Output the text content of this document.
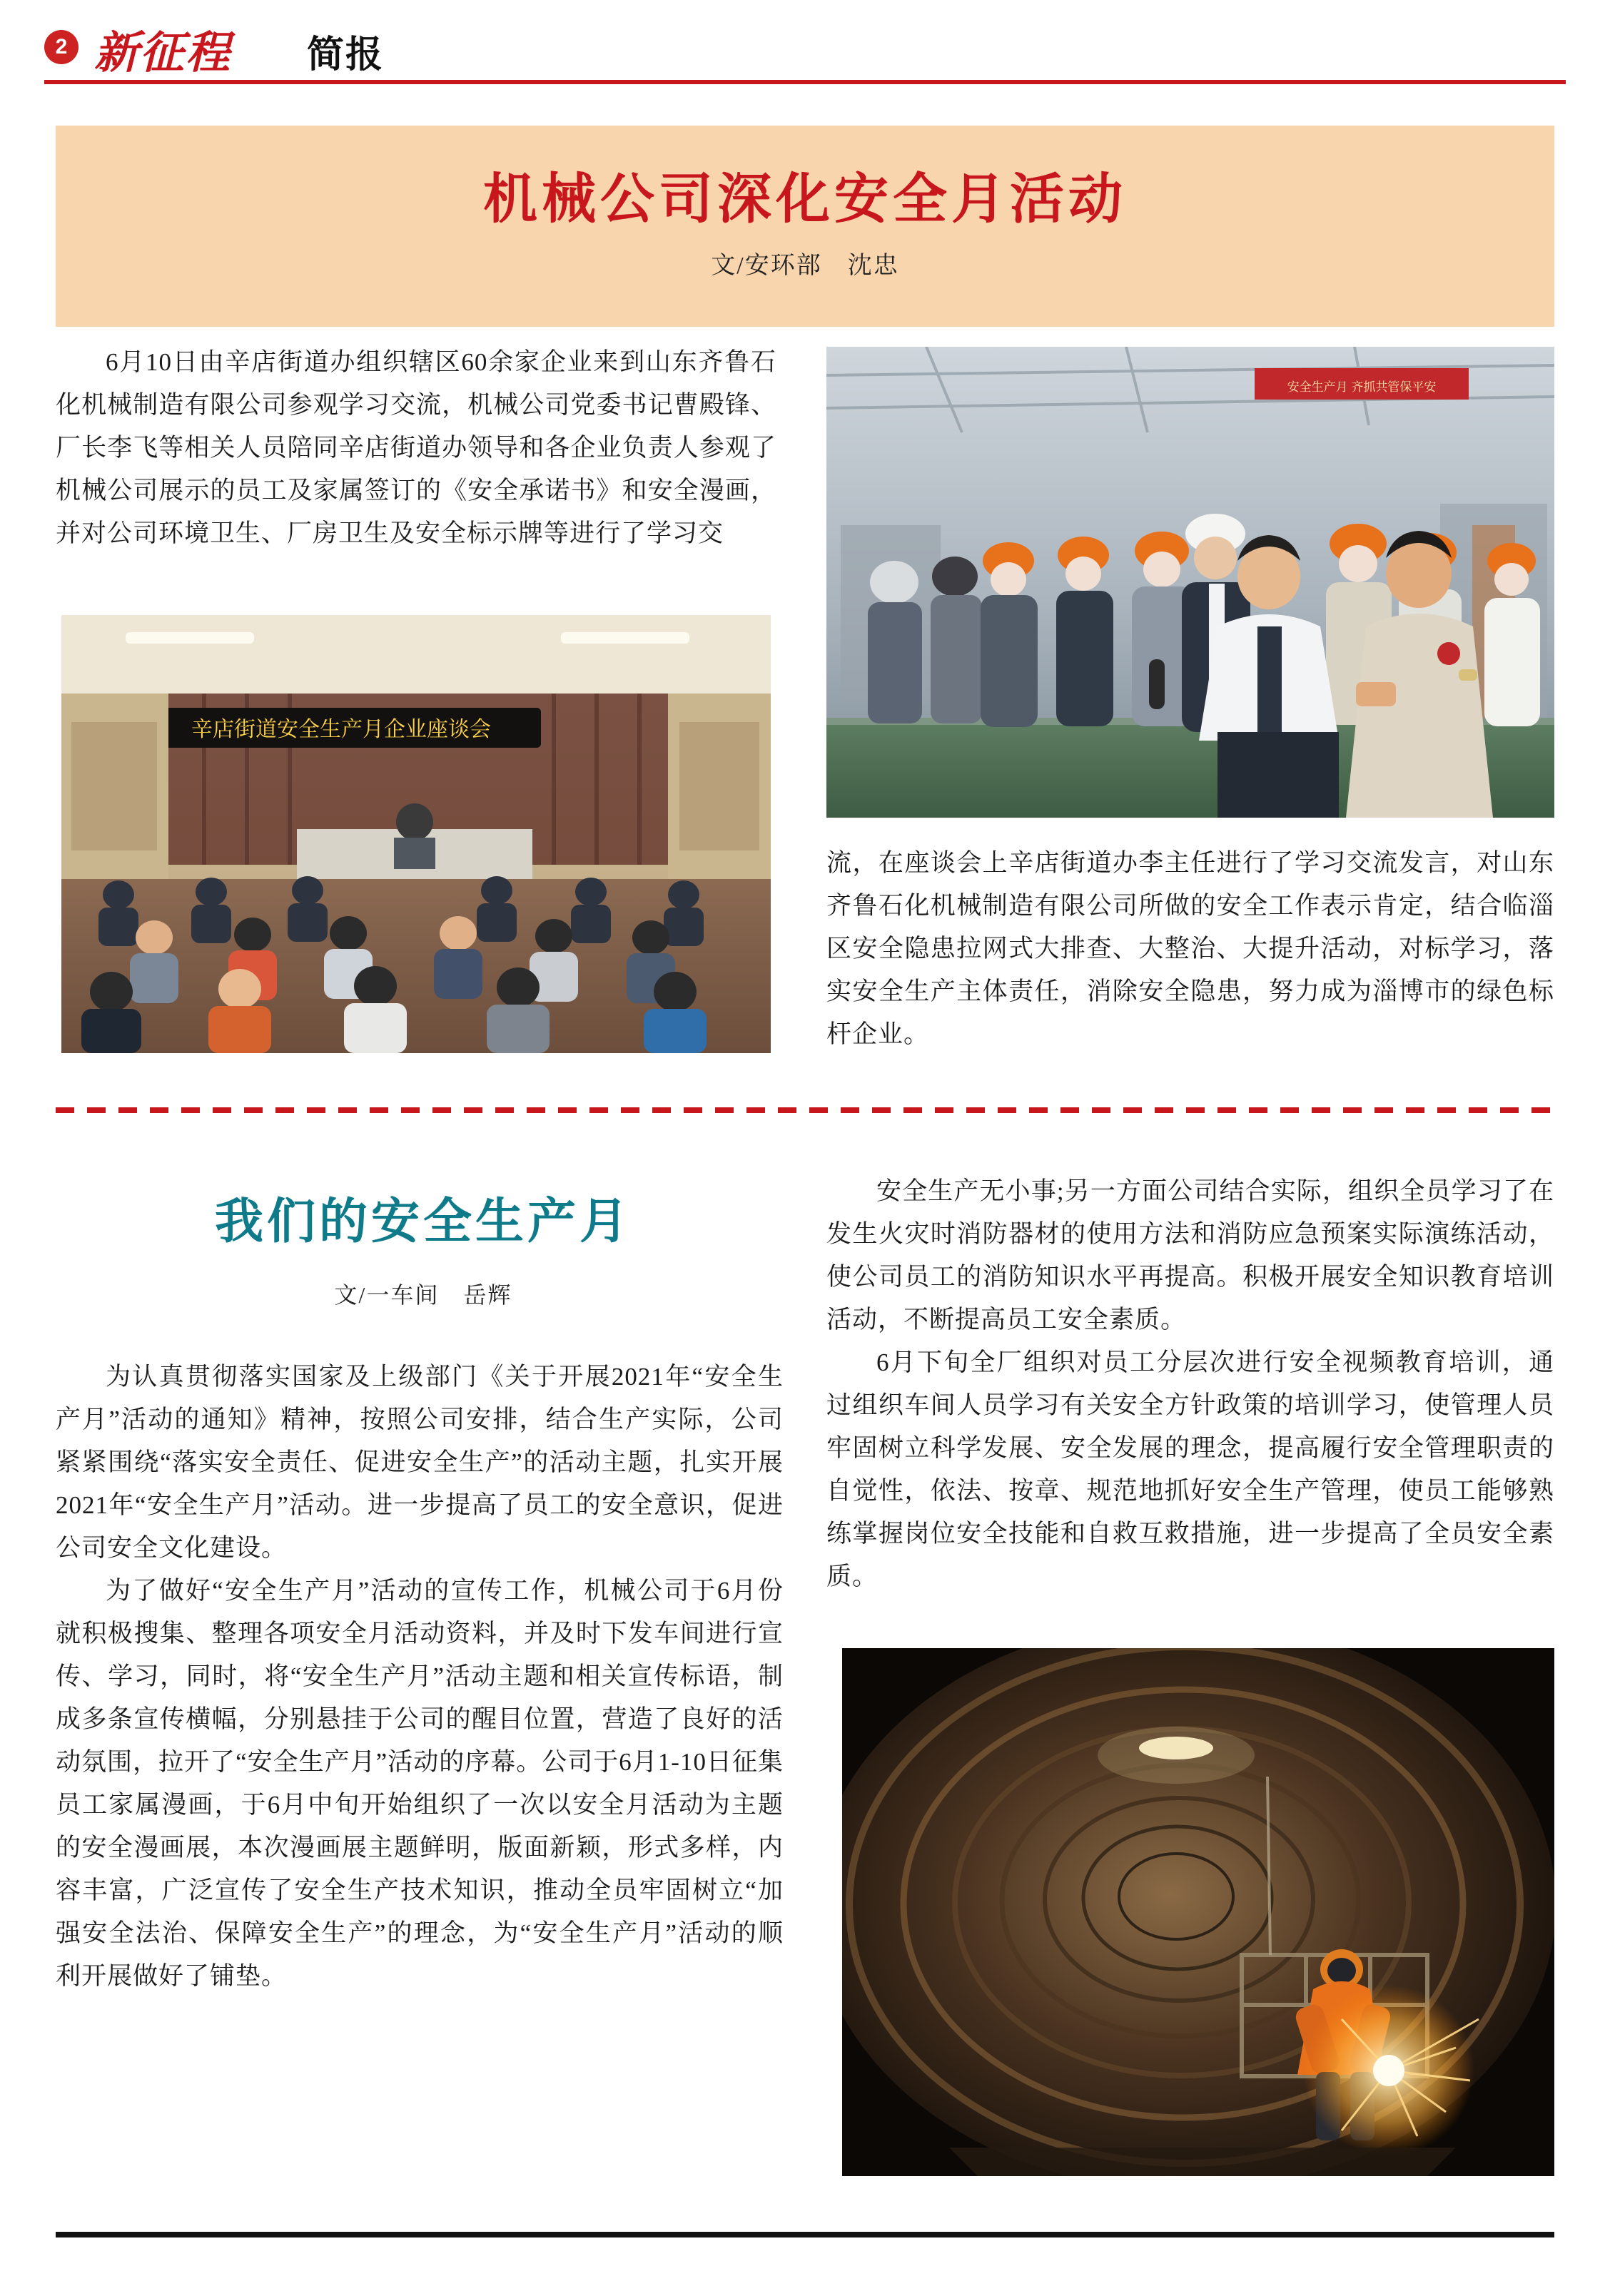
2 新征程 简报
机械公司深化安全月活动
文/安环部　沈忠

6月10日由辛店街道办组织辖区60余家企业来到山东齐鲁石化机械制造有限公司参观学习交流，机械公司党委书记曹殿锋、厂长李飞等相关人员陪同辛店街道办领导和各企业负责人参观了机械公司展示的员工及家属签订的《安全承诺书》和安全漫画，并对公司环境卫生、厂房卫生及安全标示牌等进行了学习交

安全生产月 齐抓共管保平安

流，在座谈会上辛店街道办李主任进行了学习交流发言，对山东齐鲁石化机械制造有限公司所做的安全工作表示肯定，结合临淄区安全隐患拉网式大排查、大整治、大提升活动，对标学习，落实安全生产主体责任，消除安全隐患，努力成为淄博市的绿色标杆企业。

辛店街道安全生产月企业座谈会
我们的安全生产月
文/一车间　岳辉

为认真贯彻落实国家及上级部门《关于开展2021年“安全生产月”活动的通知》精神，按照公司安排，结合生产实际，公司紧紧围绕“落实安全责任、促进安全生产”的活动主题，扎实开展2021年“安全生产月”活动。进一步提高了员工的安全意识，促进公司安全文化建设。

为了做好“安全生产月”活动的宣传工作，机械公司于6月份就积极搜集、整理各项安全月活动资料，并及时下发车间进行宣传、学习，同时，将“安全生产月”活动主题和相关宣传标语，制成多条宣传横幅，分别悬挂于公司的醒目位置，营造了良好的活动氛围，拉开了“安全生产月”活动的序幕。公司于6月1-10日征集员工家属漫画，于6月中旬开始组织了一次以安全月活动为主题的安全漫画展，本次漫画展主题鲜明，版面新颖，形式多样，内容丰富，广泛宣传了安全生产技术知识，推动全员牢固树立“加强安全法治、保障安全生产”的理念，为“安全生产月”活动的顺利开展做好了铺垫。

安全生产无小事;另一方面公司结合实际，组织全员学习了在发生火灾时消防器材的使用方法和消防应急预案实际演练活动，使公司员工的消防知识水平再提高。积极开展安全知识教育培训活动，不断提高员工安全素质。

6月下旬全厂组织对员工分层次进行安全视频教育培训，通过组织车间人员学习有关安全方针政策的培训学习，使管理人员牢固树立科学发展、安全发展的理念，提高履行安全管理职责的自觉性，依法、按章、规范地抓好安全生产管理，使员工能够熟练掌握岗位安全技能和自救互救措施，进一步提高了全员安全素质。
